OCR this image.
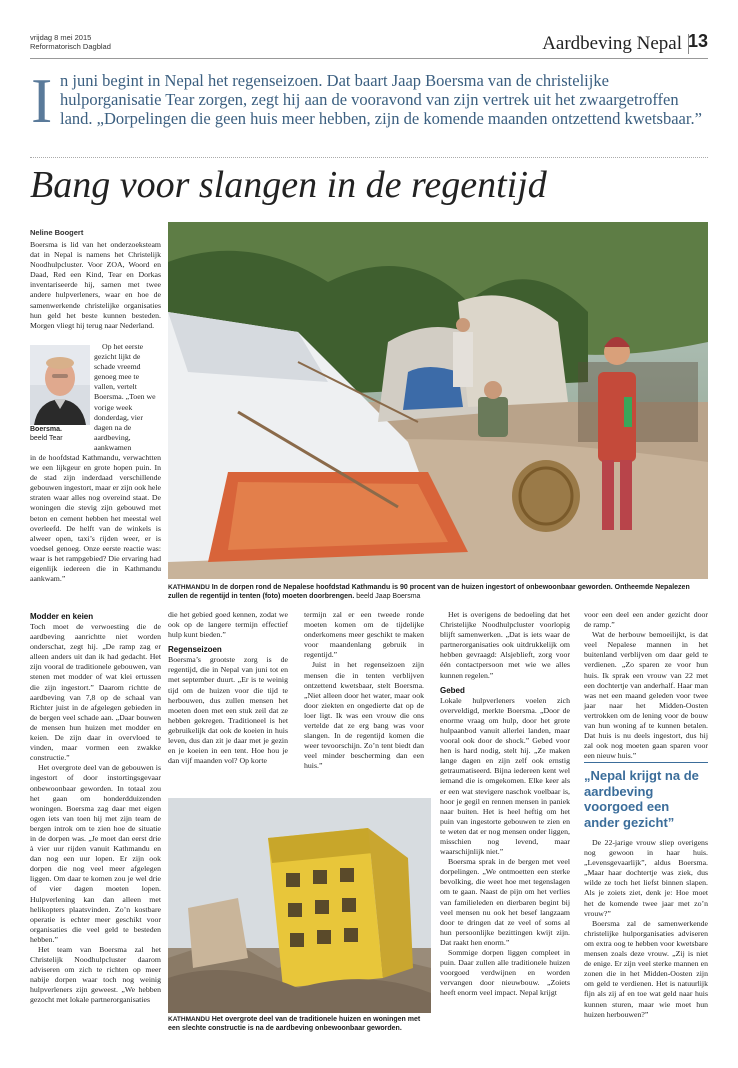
vrijdag 8 mei 2015
Reformatorisch Dagblad	Aardbeving Nepal 13
I n juni begint in Nepal het regenseizoen. Dat baart Jaap Boersma van de christelijke hulporganisatie Tear zorgen, zegt hij aan de vooravond van zijn vertrek uit het zwaargetroffen land. „Dorpelingen die geen huis meer hebben, zijn de komende maanden ontzettend kwetsbaar.”
Bang voor slangen in de regentijd
Neline Boogert

Boersma is lid van het onderzoeksteam dat in Nepal is namens het Christelijk Noodhulpcluster. Voor ZOA, Woord en Daad, Red een Kind, Tear en Dorkas inventariseerde hij, samen met twee andere hulpverleners, waar en hoe de samenwerkende christelijke organisaties hun geld het beste kunnen besteden. Morgen vliegt hij terug naar Nederland.

Boersma.
beeld Tear

Op het eerste gezicht lijkt de schade vreemd genoeg mee te vallen, vertelt Boersma. „Toen we vorige week donderdag, vier dagen na de aardbeving, aankwamen

in de hoofdstad Kathmandu, verwachtten we een lijkgeur en grote hopen puin. In de stad zijn inderdaad verschillende gebouwen ingestort, maar er zijn ook hele straten waar alles nog overeind staat. De woningen die stevig zijn gebouwd met beton en cement hebben het meestal wel overleefd. De helft van de winkels is alweer open, taxi’s rijden weer, er is voedsel genoeg. Onze eerste reactie was: waar is het rampgebied? Die ervaring had eigenlijk iedereen die in Kathmandu aankwam.”

Modder en keien

Toch moet de verwoesting die de aardbeving aanrichtte niet worden onderschat, zegt hij. „De ramp zag er alleen anders uit dan ik had gedacht. Het zijn vooral de traditionele gebouwen, van stenen met modder of wat klei ertussen die zijn ingestort.” Daarom richtte de aardbeving van 7,8 op de schaal van Richter juist in de afgelegen gebieden in de bergen veel schade aan. „Daar bouwen de mensen hun huizen met modder en keien. De zijn daar in overvloed te vinden, maar vormen een zwakke constructie.”

Het overgrote deel van de gebouwen is ingestort of door instortingsgevaar onbewoonbaar geworden. In totaal zou het gaan om honderdduizenden woningen. Boersma zag daar met eigen ogen iets van toen hij met zijn team de bergen introk om te zien hoe de situatie in de dorpen was. „Je moet dan eerst drie à vier uur rijden vanuit Kathmandu en dan nog een uur lopen. Er zijn ook dorpen die nog veel meer afgelegen liggen. Om daar te komen zou je wel drie of vier dagen moeten lopen. Hulpverlening kan dan alleen met helikopters plaatsvinden. Zo’n kostbare operatie is echter meer geschikt voor organisaties die veel geld te besteden hebben.”

Het team van Boersma zal het Christelijk Noodhulpcluster daarom adviseren om zich te richten op meer nabije dorpen waar toch nog weinig hulpverleners zijn geweest. „We hebben gezocht met lokale partnerorganisaties

KATHMANDU In de dorpen rond de Nepalese hoofdstad Kathmandu is 90 procent van de huizen ingestort of onbewoonbaar geworden. Ontheemde Nepalezen zullen de regentijd in tenten (foto) moeten doorbrengen. beeld Jaap Boersma

die het gebied goed kennen, zodat we ook op de langere termijn effectief hulp kunt bieden.”

Regenseizoen

Boersma’s grootste zorg is de regentijd, die in Nepal van juni tot en met september duurt. „Er is te weinig tijd om de huizen voor die tijd te herbouwen, dus zullen mensen het moeten doen met een stuk zeil dat ze hebben gekregen. Traditioneel is het gebruikelijk dat ook de koeien in huis leven, dus dan zit je daar met je gezin en je koeien in een tent. Hoe hou je dan vijf maanden vol? Op korte

termijn zal er een tweede ronde moeten komen om de tijdelijke onderkomens meer geschikt te maken voor maandenlang gebruik in regentijd.”

Juist in het regenseizoen zijn mensen die in tenten verblijven ontzettend kwetsbaar, stelt Boersma. „Niet alleen door het water, maar ook door ziekten en ongedierte dat op de loer ligt. Ik was een vrouw die ons vertelde dat ze erg bang was voor slangen. In de regentijd komen die weer tevoorschijn. Zo’n tent biedt dan veel minder bescherming dan een huis.”

KATHMANDU Het overgrote deel van de traditionele huizen en woningen met een slechte constructie is na de aardbeving onbewoonbaar geworden.

Het is overigens de bedoeling dat het Christelijke Noodhulpcluster voorlopig blijft samenwerken. „Dat is iets waar de partnerorganisaties ook uitdrukkelijk om hebben gevraagd: Alsjeblieft, zorg voor één contactpersoon met wie we alles kunnen regelen.”

Gebed

Lokale hulpverleners voelen zich overveldigd, merkte Boersma. „Door de enorme vraag om hulp, door het grote hulpaanbod vanuit allerlei landen, maar vooral ook door de shock.” Gebed voor hen is hard nodig, stelt hij. „Ze maken lange dagen en zijn zelf ook ernstig getraumatiseerd. Bijna iedereen kent wel iemand die is omgekomen. Elke keer als er een wat stevigere naschok voelbaar is, hoor je gegil en rennen mensen in paniek naar buiten. Het is heel heftig om het puin van ingestorte gebouwen te zien en te weten dat er nog mensen onder liggen, misschien nog levend, maar waarschijnlijk niet.”

Boersma sprak in de bergen met veel dorpelingen. „We ontmoetten een sterke bevolking, die weet hoe met tegenslagen om te gaan. Naast de pijn om het verlies van familieleden en dierbaren begint bij veel mensen nu ook het besef langzaam door te dringen dat ze veel of soms al hun persoonlijke bezittingen kwijt zijn. Dat raakt hen enorm.”

Sommige dorpen liggen compleet in puin. Daar zullen alle traditionele huizen voorgoed verdwijnen en worden vervangen door nieuwbouw. „Zoiets heeft enorm veel impact. Nepal krijgt

voor een deel een ander gezicht door de ramp.”

Wat de herbouw bemoeilijkt, is dat veel Nepalese mannen in het buitenland verblijven om daar geld te verdienen. „Zo sparen ze voor hun huis. Ik sprak een vrouw van 22 met een dochtertje van anderhalf. Haar man was net een maand geleden voor twee jaar naar het Midden-Oosten vertrokken om de lening voor de bouw van hun woning af te kunnen betalen. Dat huis is nu deels ingestort, dus hij zal ook nog moeten gaan sparen voor een nieuw huis.”

„Nepal krijgt na de aardbeving voorgoed een ander gezicht”

De 22-jarige vrouw sliep overigens nog gewoon in haar huis. „Levensgevaarlijk”, aldus Boersma. „Maar haar dochtertje was ziek, dus wilde ze toch het liefst binnen slapen. Als je zoiets ziet, denk je: Hoe moet het de komende twee jaar met zo’n vrouw?”

Boersma zal de samenwerkende christelijke hulporganisaties adviseren om extra oog te hebben voor kwetsbare mensen zoals deze vrouw. „Zij is niet de enige. Er zijn veel sterke mannen en zonen die in het Midden-Oosten zijn om geld te verdienen. Het is natuurlijk fijn als zij af en toe wat geld naar huis kunnen sturen, maar wie moet hun huizen herbouwen?”
